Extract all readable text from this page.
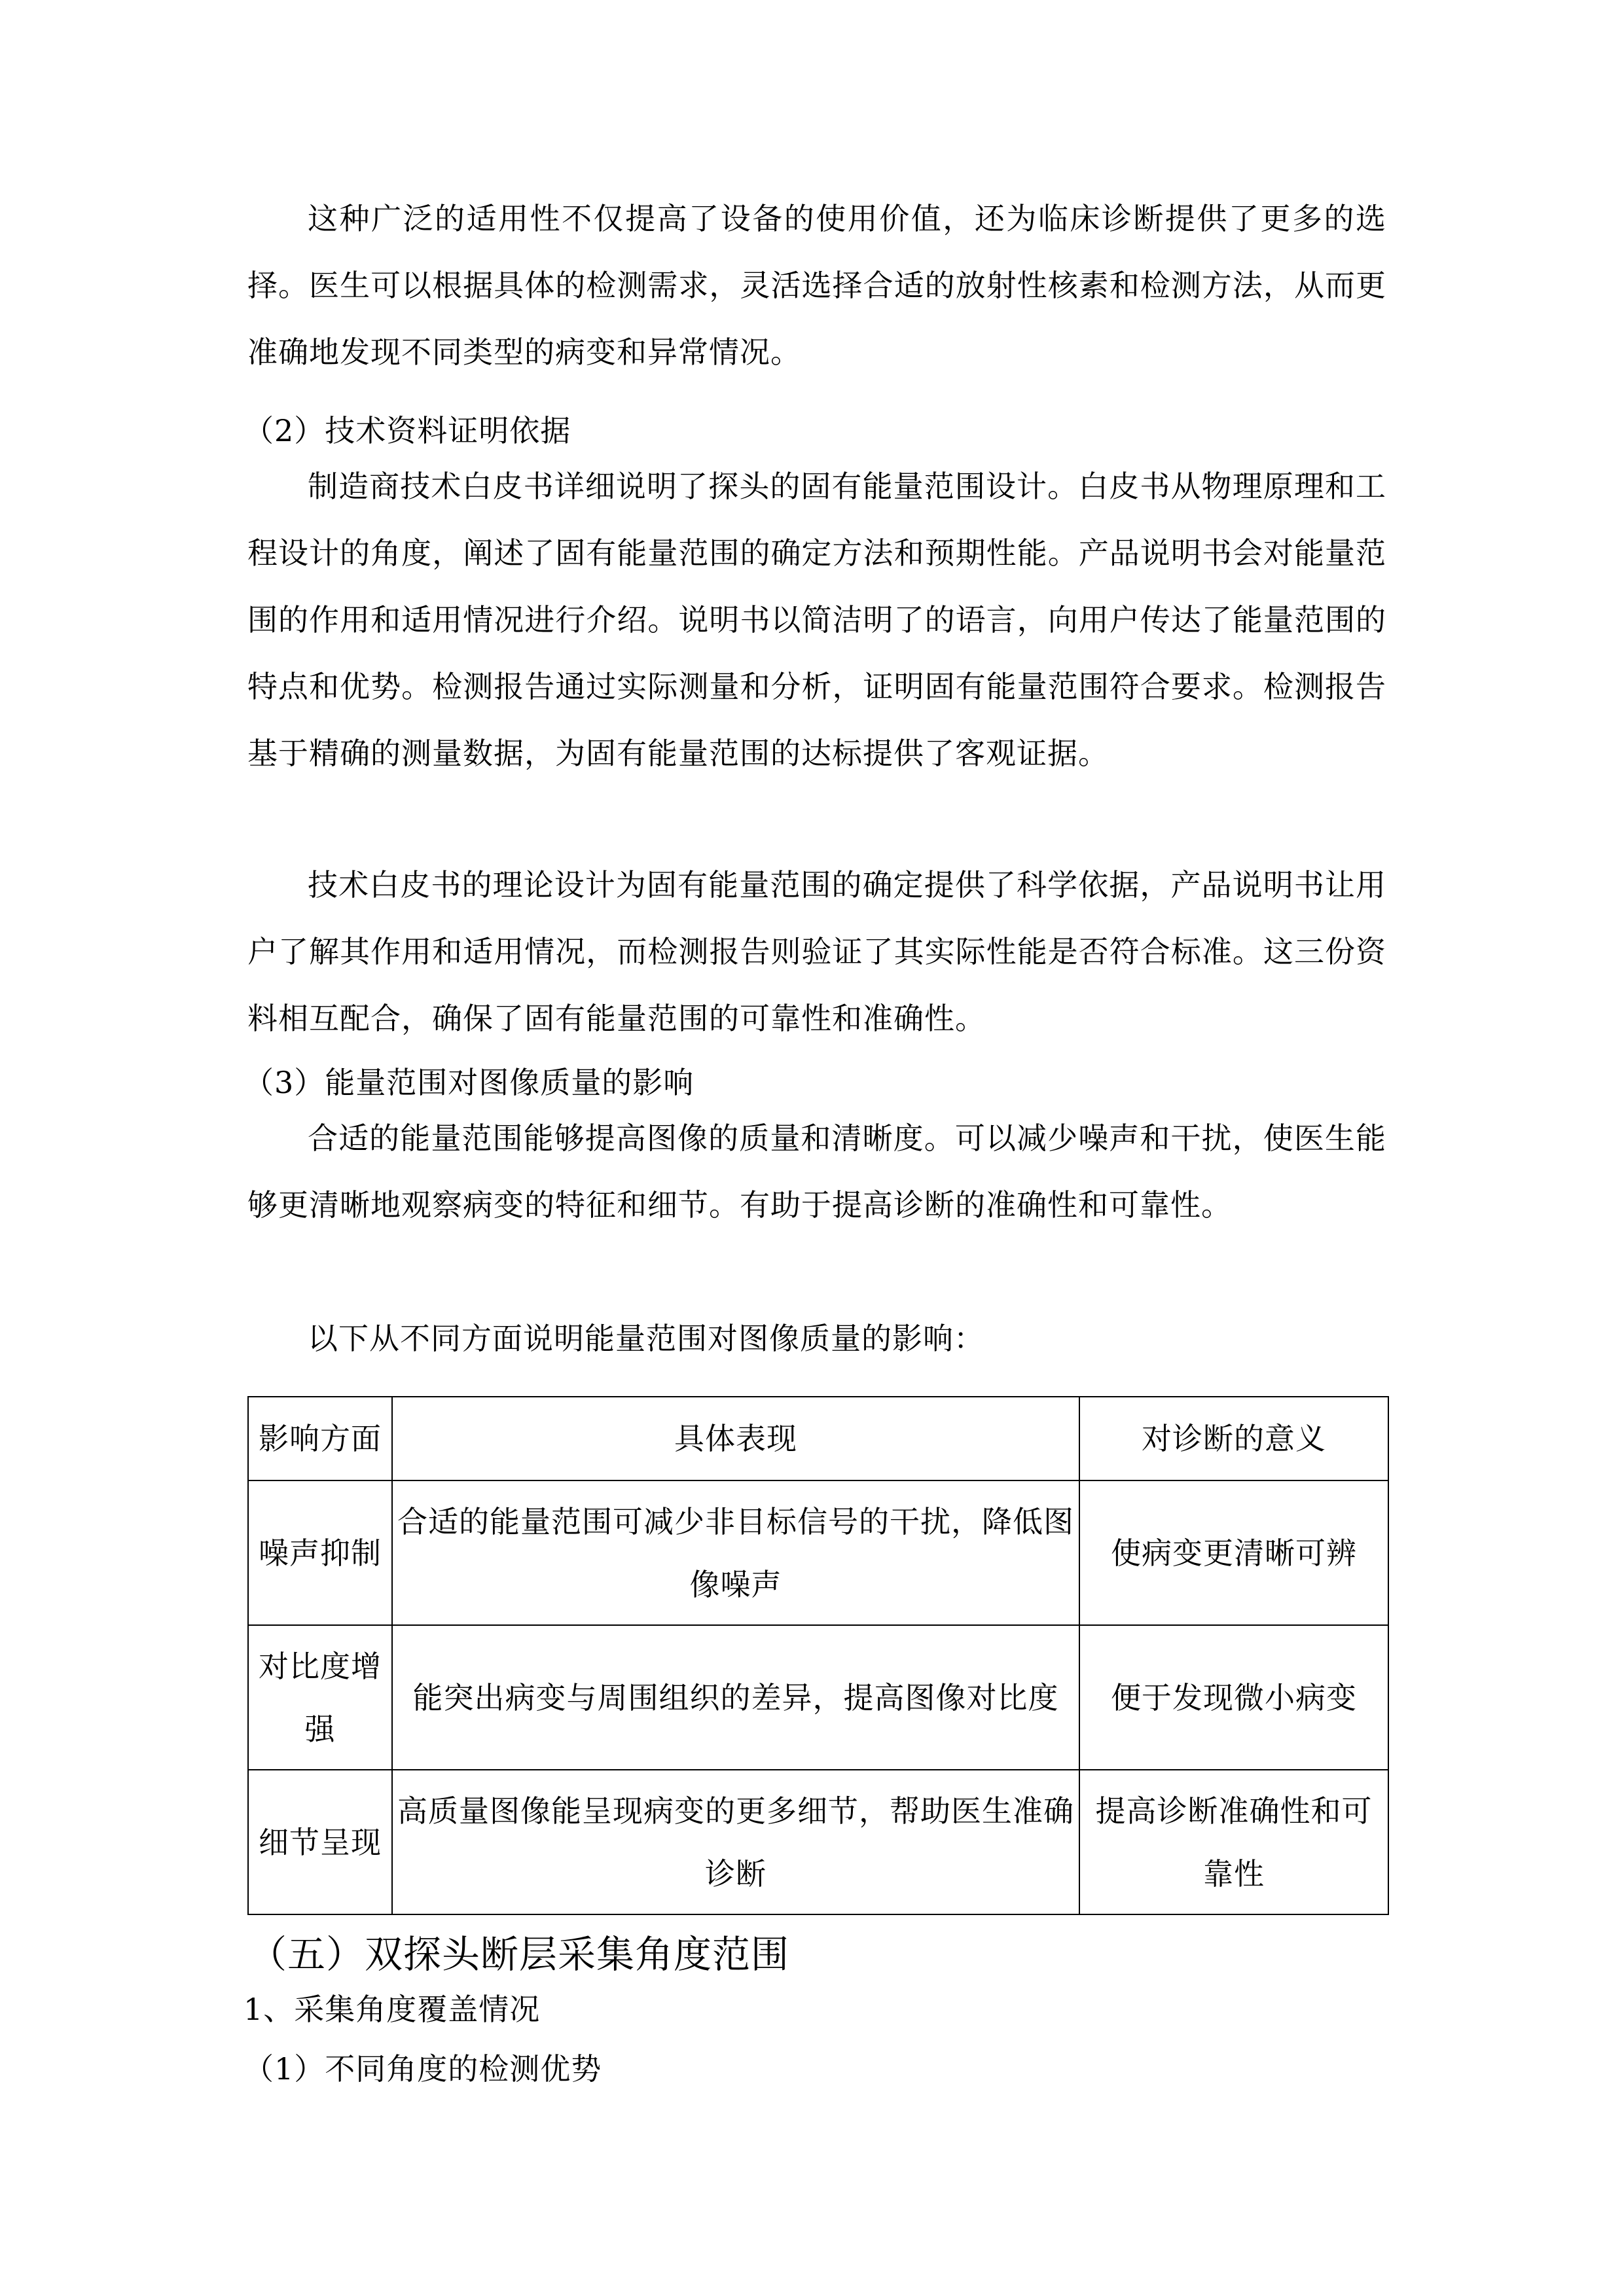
这种广泛的适用性不仅提高了设备的使用价值，还为临床诊断提供了更多的选择。医生可以根据具体的检测需求，灵活选择合适的放射性核素和检测方法，从而更准确地发现不同类型的病变和异常情况。

（2）技术资料证明依据

制造商技术白皮书详细说明了探头的固有能量范围设计。白皮书从物理原理和工程设计的角度，阐述了固有能量范围的确定方法和预期性能。产品说明书会对能量范围的作用和适用情况进行介绍。说明书以简洁明了的语言，向用户传达了能量范围的特点和优势。检测报告通过实际测量和分析，证明固有能量范围符合要求。检测报告基于精确的测量数据，为固有能量范围的达标提供了客观证据。

技术白皮书的理论设计为固有能量范围的确定提供了科学依据，产品说明书让用户了解其作用和适用情况，而检测报告则验证了其实际性能是否符合标准。这三份资料相互配合，确保了固有能量范围的可靠性和准确性。

（3）能量范围对图像质量的影响

合适的能量范围能够提高图像的质量和清晰度。可以减少噪声和干扰，使医生能够更清晰地观察病变的特征和细节。有助于提高诊断的准确性和可靠性。

以下从不同方面说明能量范围对图像质量的影响：

影响方面	具体表现	对诊断的意义
噪声抑制	合适的能量范围可减少非目标信号的干扰，降低图像噪声	使病变更清晰可辨
对比度增强	能突出病变与周围组织的差异，提高图像对比度	便于发现微小病变
细节呈现	高质量图像能呈现病变的更多细节，帮助医生准确诊断	提高诊断准确性和可靠性
（五）双探头断层采集角度范围
1、采集角度覆盖情况
（1）不同角度的检测优势
